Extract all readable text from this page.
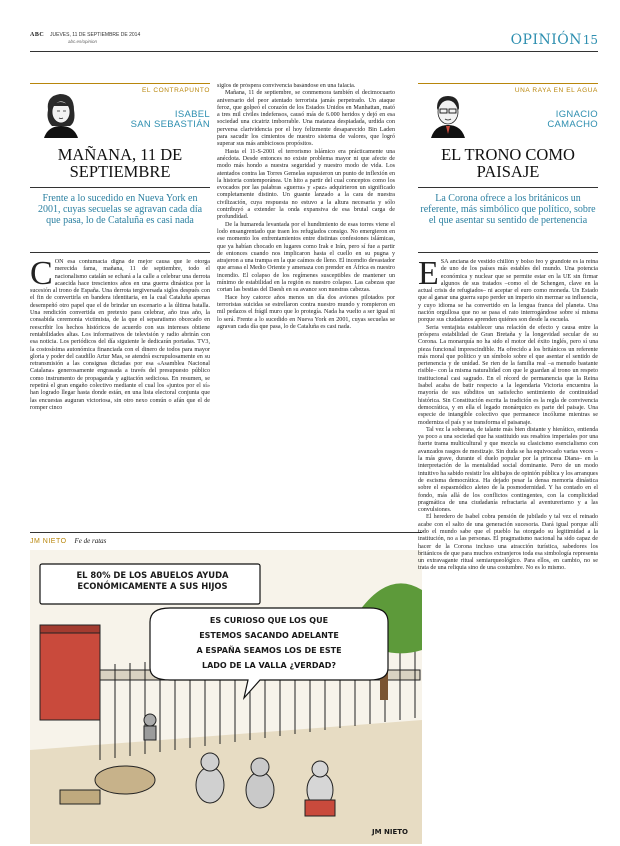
ABC JUEVES, 11 DE SEPTIEMBRE DE 2014
abc.es/opinion	OPINIÓN 15
EL CONTRAPUNTO
ISABEL
SAN SEBASTIÁN
MAÑANA, 11 DE
SEPTIEMBRE
Frente a lo sucedido en Nueva York en 2001, cuyas secuelas se agravan cada día que pasa, lo de Cataluña es casi nada
C ON esa contumacia digna de mejor causa que le otorga merecida fama, mañana, 11 de septiembre, todo el nacionalismo catalán se echará a la calle a celebrar una derrota acaecida hace trescientos años en una guerra dinástica por la sucesión al trono de España. Una derrota tergiversada siglos después con el fin de convertirla en bandera identitaria, en la cual Cataluña apenas desempeñó otro papel que el de brindar un escenario a la última batalla. Una rendición convertida en pretexto para celebrar, año tras año, la consabida ceremonia victimista, de la que el separatismo obcecado en reescribir los hechos históricos de acuerdo con sus intereses obtiene rentabilidades altas. Los informativos de televisión y radio abrirán con esa noticia. Los periódicos del día siguiente le dedicarán portadas. TV3, la costosísima autonómica financiada con el dinero de todos para mayor gloria y poder del caudillo Artur Mas, se atendrá escrupulosamente en su retransmisión a las consignas dictadas por esa «Asamblea Nacional Catalana» generosamente engrasada a través del presupuesto público como instrumento de propaganda y agitación sediciosa. En resumen, se repetirá el gran engaño colectivo mediante el cual los «juntos por el sí» han logrado llegar hasta donde están, en una lista electoral conjunta que las encuestas auguran victoriosa, sin otro nexo común o afán que el de romper cinco

siglos de próspera convivencia basándose en una falacia.

Mañana, 11 de septiembre, se conmemora también el decimocuarto aniversario del peor atentado terrorista jamás perpetrado. Un ataque feroz, que golpeó el corazón de los Estados Unidos en Manhattan, mató a tres mil civiles indefensos, causó más de 6.000 heridos y dejó en esa sociedad una cicatriz imborrable. Una matanza despiadada, urdida con perversa clarividencia por el hoy felizmente desaparecido Bin Laden para sacudir los cimientos de nuestro sistema de valores, que logró superar sus más ambiciosos propósitos.

Hasta el 11-S-2001 el terrorismo islámico era prácticamente una anécdota. Desde entonces no existe problema mayor ni que afecte de modo más hondo a nuestra seguridad y nuestro modo de vida. Los atentados contra las Torres Gemelas supusieron un punto de inflexión en la historia contemporánea. Un hito a partir del cual conceptos como los evocados por las palabras «guerra» y «paz» adquirieron un significado completamente distinto. Un guante lanzado a la cara de nuestra civilización, cuya respuesta no estuvo a la altura necesaria y sólo contribuyó a extender la onda expansiva de esa brutal carga de profundidad.

De la humareda levantada por el hundimiento de esas torres viene el lodo ensangrentado que traen los refugiados consigo. No emergieron en ese momento los enfrentamientos entre distintas confesiones islámicas, que ya habían chocado en lugares como Irak e Irán, pero sí fue a partir de entonces cuando nos implicaron hasta el cuello en su pugna y atrajeron a una trampa en la que caímos de lleno. El incendio devastador que arrasa el Medio Oriente y amenaza con prender en África es nuestro incendio. El colapso de los regímenes susceptibles de mantener un mínimo de estabilidad en la región es nuestro colapso. Las cabezas que cortan las bestias del Daesh en su avance son nuestras cabezas.

Hace hoy catorce años menos un día dos aviones pilotados por terroristas suicidas se estrellaron contra nuestro mundo y rompieron en mil pedazos el frágil muro que lo protegía. Nada ha vuelto a ser igual ni lo será. Frente a lo sucedido en Nueva York en 2001, cuyas secuelas se agravan cada día que pasa, lo de Cataluña es casi nada.

JM NIETO Fe de ratas
EL 80% DE LOS ABUELOS AYUDA
ECONÓMICAMENTE A SUS HIJOS
ES CURIOSO QUE LOS QUE
ESTEMOS SACANDO ADELANTE
A ESPAÑA SEAMOS LOS DE ESTE
LADO DE LA VALLA ¿VERDAD?
JM NIETO
UNA RAYA EN EL AGUA
IGNACIO
CAMACHO
EL TRONO COMO
PAISAJE
La Corona ofrece a los británicos un referente, más simbólico que político, sobre el que asentar su sentido de pertenencia
E SA anciana de vestido chillón y bolso feo y grandote es la reina de uno de los países más estables del mundo. Una potencia económica y nuclear que se permite estar en la UE sin firmar algunos de sus tratados –como el de Schengen, clave en la actual crisis de refugiados– ni aceptar el euro como moneda. Un Estado que al ganar una guerra supo perder un imperio sin mermar su influencia, y cuyo idioma se ha convertido en la lengua franca del planeta. Una nación orgullosa que no se pasa el rato interrogándose sobre sí misma porque sus ciudadanos aprenden quiénes son desde la escuela.

Seria ventajista establecer una relación de efecto y causa entre la próspera estabilidad de Gran Bretaña y la longevidad secular de su Corona. La monarquía no ha sido el motor del éxito inglés, pero sí una pieza funcional imprescindible. Ha ofrecido a los británicos un referente más moral que político y un símbolo sobre el que asentar el sentido de pertenencia y de unidad. Se rien de la familia real –a menudo bastante risible– con la misma naturalidad con que le guardan al trono un respeto institucional casi sagrado. En el récord de permanencia que la Reina Isabel acaba de batir respecto a la legendaria Victoria encuentra la mayoría de sus súbditos un satisfecho sentimiento de continuidad histórica. Sin Constitución escrita la tradición es la regla de convivencia democrática, y en ella el legado monárquico es parte del paisaje. Una especie de intangible colectivo que permanece incólume mientras se moderniza el país y se transforma el paisanaje.

Tal vez la soberana, de talante más bien distante y hierático, entienda ya poco a una sociedad que ha sustituido sus resabios imperiales por una fuerte trama multicultural y que mezcla su clasicismo esencialismo con avanzados rasgos de mestizaje. Sin duda se ha equivocado varias veces –la más grave, durante el duelo popular por la princesa Diana– en la interpretación de la mentalidad social dominante. Pero de un modo intuitivo ha sabido resistir los altibajos de opinión pública y los arranques de escisma democrática. Ha dejado pesar la densa memoria dinástica sobre el espasmódico aleteo de la posmodernidad. Y ha contado en el fondo, más allá de los conflictos contingentes, con la complicidad pragmática de una ciudadanía refractaria al aventurerismo y a las convulsiones.

El heredero de Isabel cobra pensión de jubilado y tal vez el reinado acabe con el salto de una generación sucesoria. Dará igual porque allí todo el mundo sabe que el pueblo ha otorgado su legitimidad a la institución, no a las personas. El pragmatismo nacional ha sido capaz de hacer de la Corona incluso una atracción turística, sabedores los británicos de que para muchos extranjeros toda esa simbología representa un extravagante ritual semiarqueológico. Para ellos, en cambio, no se trata de una reliquia sino de una costumbre. No es lo mismo.
